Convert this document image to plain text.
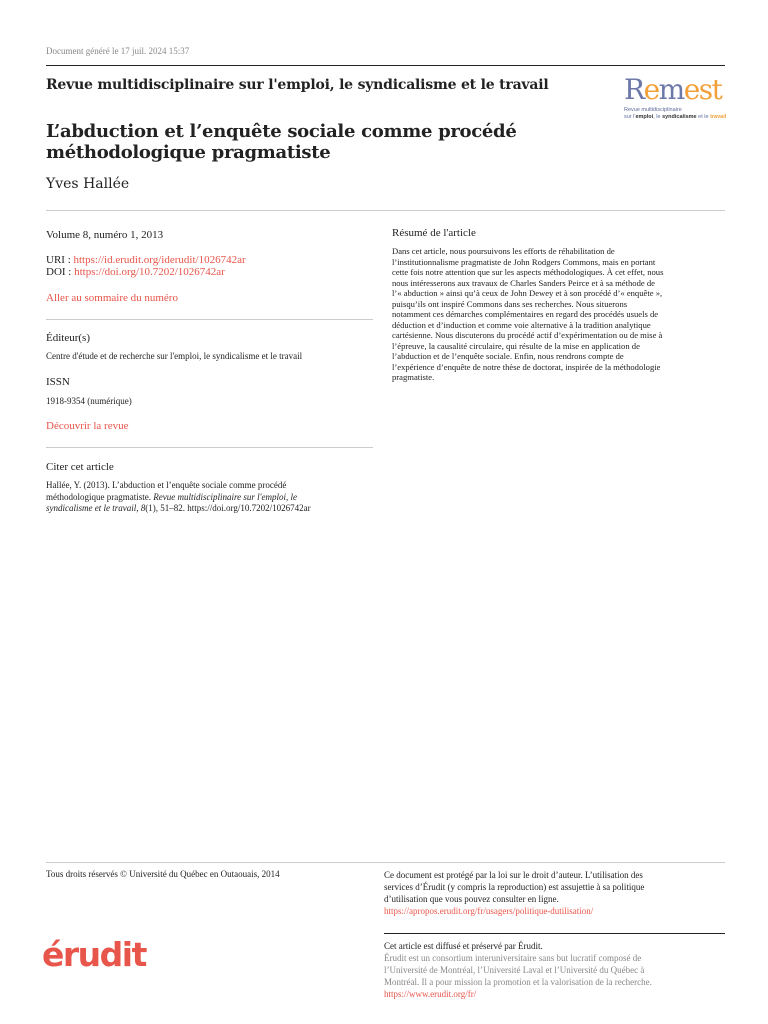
Document généré le 17 juil. 2024 15:37
Revue multidisciplinaire sur l'emploi, le syndicalisme et le travail	Remest
Revue multidisciplinaire
sur l'emploi, le syndicalisme et le travail
L’abduction et l’enquête sociale comme procédé
méthodologique pragmatiste
Yves Hallée
Volume 8, numéro 1, 2013
URI : https://id.erudit.org/iderudit/1026742ar
DOI : https://doi.org/10.7202/1026742ar
Aller au sommaire du numéro
Éditeur(s)
Centre d'étude et de recherche sur l'emploi, le syndicalisme et le travail
ISSN
1918-9354 (numérique)
Découvrir la revue
Citer cet article
Hallée, Y. (2013). L’abduction et l’enquête sociale comme procédé
méthodologique pragmatiste. Revue multidisciplinaire sur l'emploi, le
syndicalisme et le travail, 8(1), 51–82. https://doi.org/10.7202/1026742ar
Résumé de l'article
Dans cet article, nous poursuivons les efforts de réhabilitation de
l’institutionnalisme pragmatiste de John Rodgers Commons, mais en portant
cette fois notre attention que sur les aspects méthodologiques. À cet effet, nous
nous intéresserons aux travaux de Charles Sanders Peirce et à sa méthode de
l’« abduction » ainsi qu’à ceux de John Dewey et à son procédé d’« enquête »,
puisqu’ils ont inspiré Commons dans ses recherches. Nous situerons
notamment ces démarches complémentaires en regard des procédés usuels de
déduction et d’induction et comme voie alternative à la tradition analytique
cartésienne. Nous discuterons du procédé actif d’expérimentation ou de mise à
l’épreuve, la causalité circulaire, qui résulte de la mise en application de
l’abduction et de l’enquête sociale. Enfin, nous rendrons compte de
l’expérience d’enquête de notre thèse de doctorat, inspirée de la méthodologie
pragmatiste.
Tous droits réservés © Université du Québec en Outaouais, 2014	Ce document est protégé par la loi sur le droit d’auteur. L’utilisation des
services d’Érudit (y compris la reproduction) est assujettie à sa politique
d’utilisation que vous pouvez consulter en ligne.
https://apropos.erudit.org/fr/usagers/politique-dutilisation/
érudit	Cet article est diffusé et préservé par Érudit.
Érudit est un consortium interuniversitaire sans but lucratif composé de
l’Université de Montréal, l’Université Laval et l’Université du Québec à
Montréal. Il a pour mission la promotion et la valorisation de la recherche.
https://www.erudit.org/fr/
